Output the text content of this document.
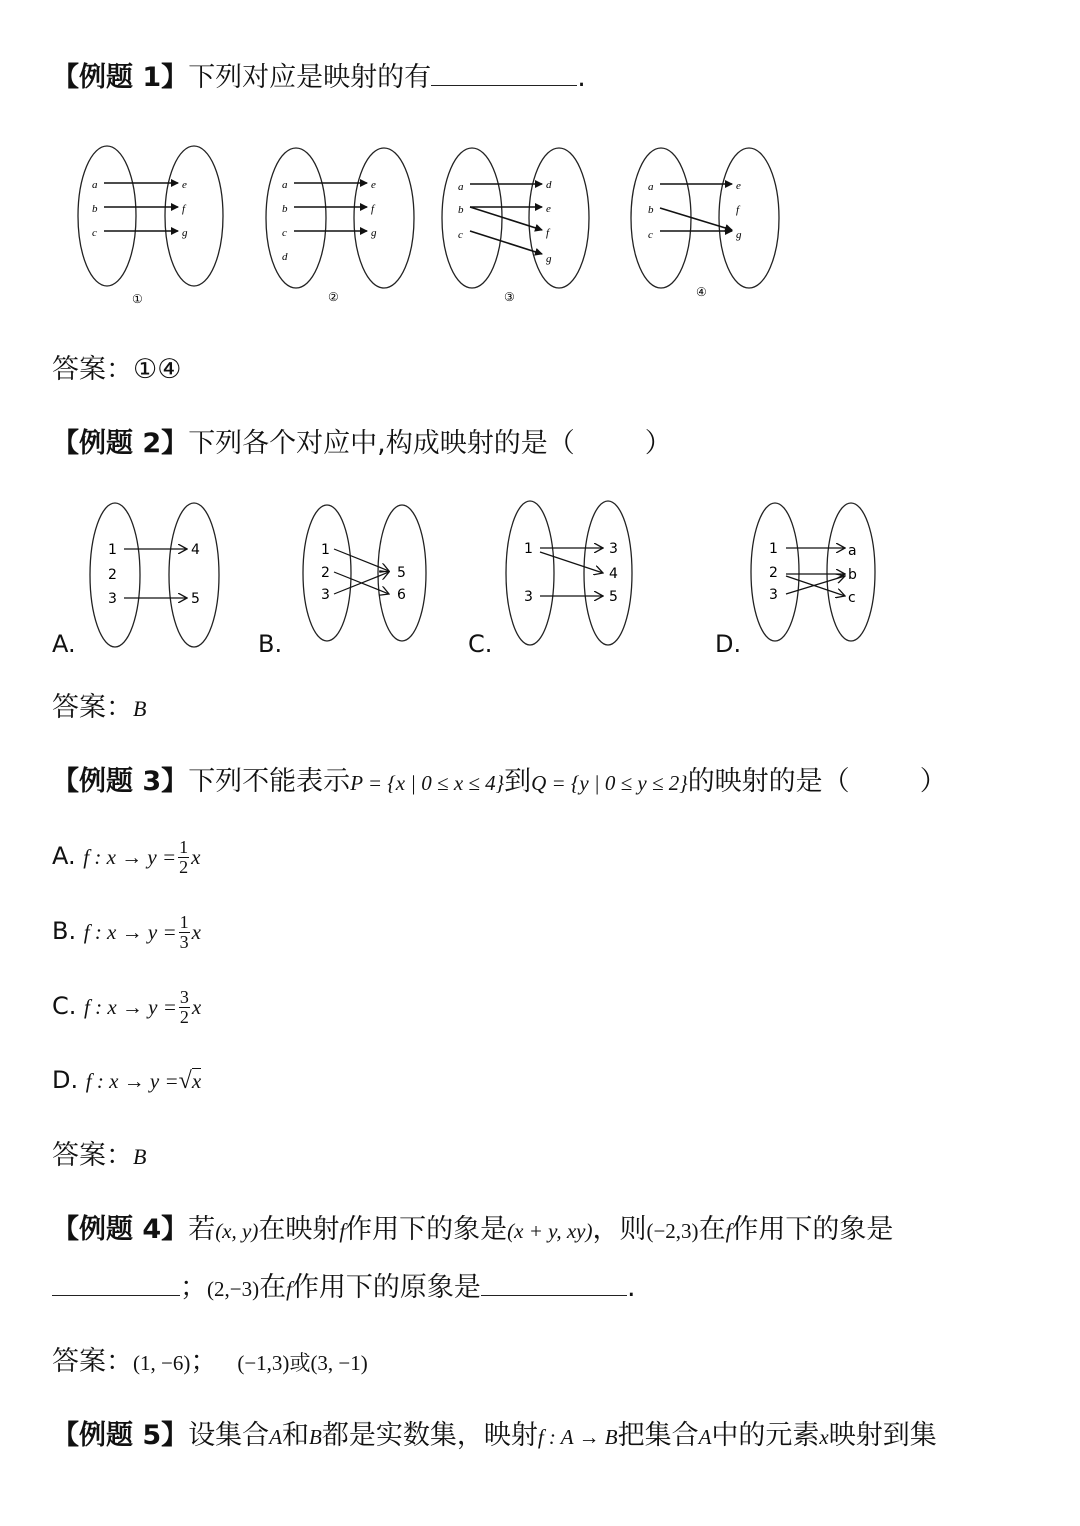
【例题 1】下列对应是映射的有	.
a
b
c
e
f
g
①
a
b
c
d
e
f
g
②
a
b
c
d
e
f
g
③
a
b
c
e
f
g
④
答案：①④
【例题 2】下列各个对应中,构成映射的是（	）
1
2
3
4
5
1
2
3
5
6
1
3
3
4
5
1
2
3
a
b
c
A.	B.	C.	D.
答案：B
【例题 3】下列不能表示P = {x | 0 ≤ x ≤ 4}到Q = {y | 0 ≤ y ≤ 2}的映射的是（	）
A. f : $x \to y = \frac{1}{2}$ x
B. f : $x \to y = \frac{1}{3}$ x
C. f : $x \to y = \frac{3}{2}$ x
D. f : x → y =√x
答案：B
【例题 4】若(x, y)在映射f作用下的象是(x + y, xy)，则(−2,3)在f作用下的象是
；(2,−3)在f作用下的原象是	.
答案：(1, −6)； (−1,3)或(3, −1)
【例题 5】设集合A和B都是实数集，映射f : A → B把集合A中的元素x映射到集
